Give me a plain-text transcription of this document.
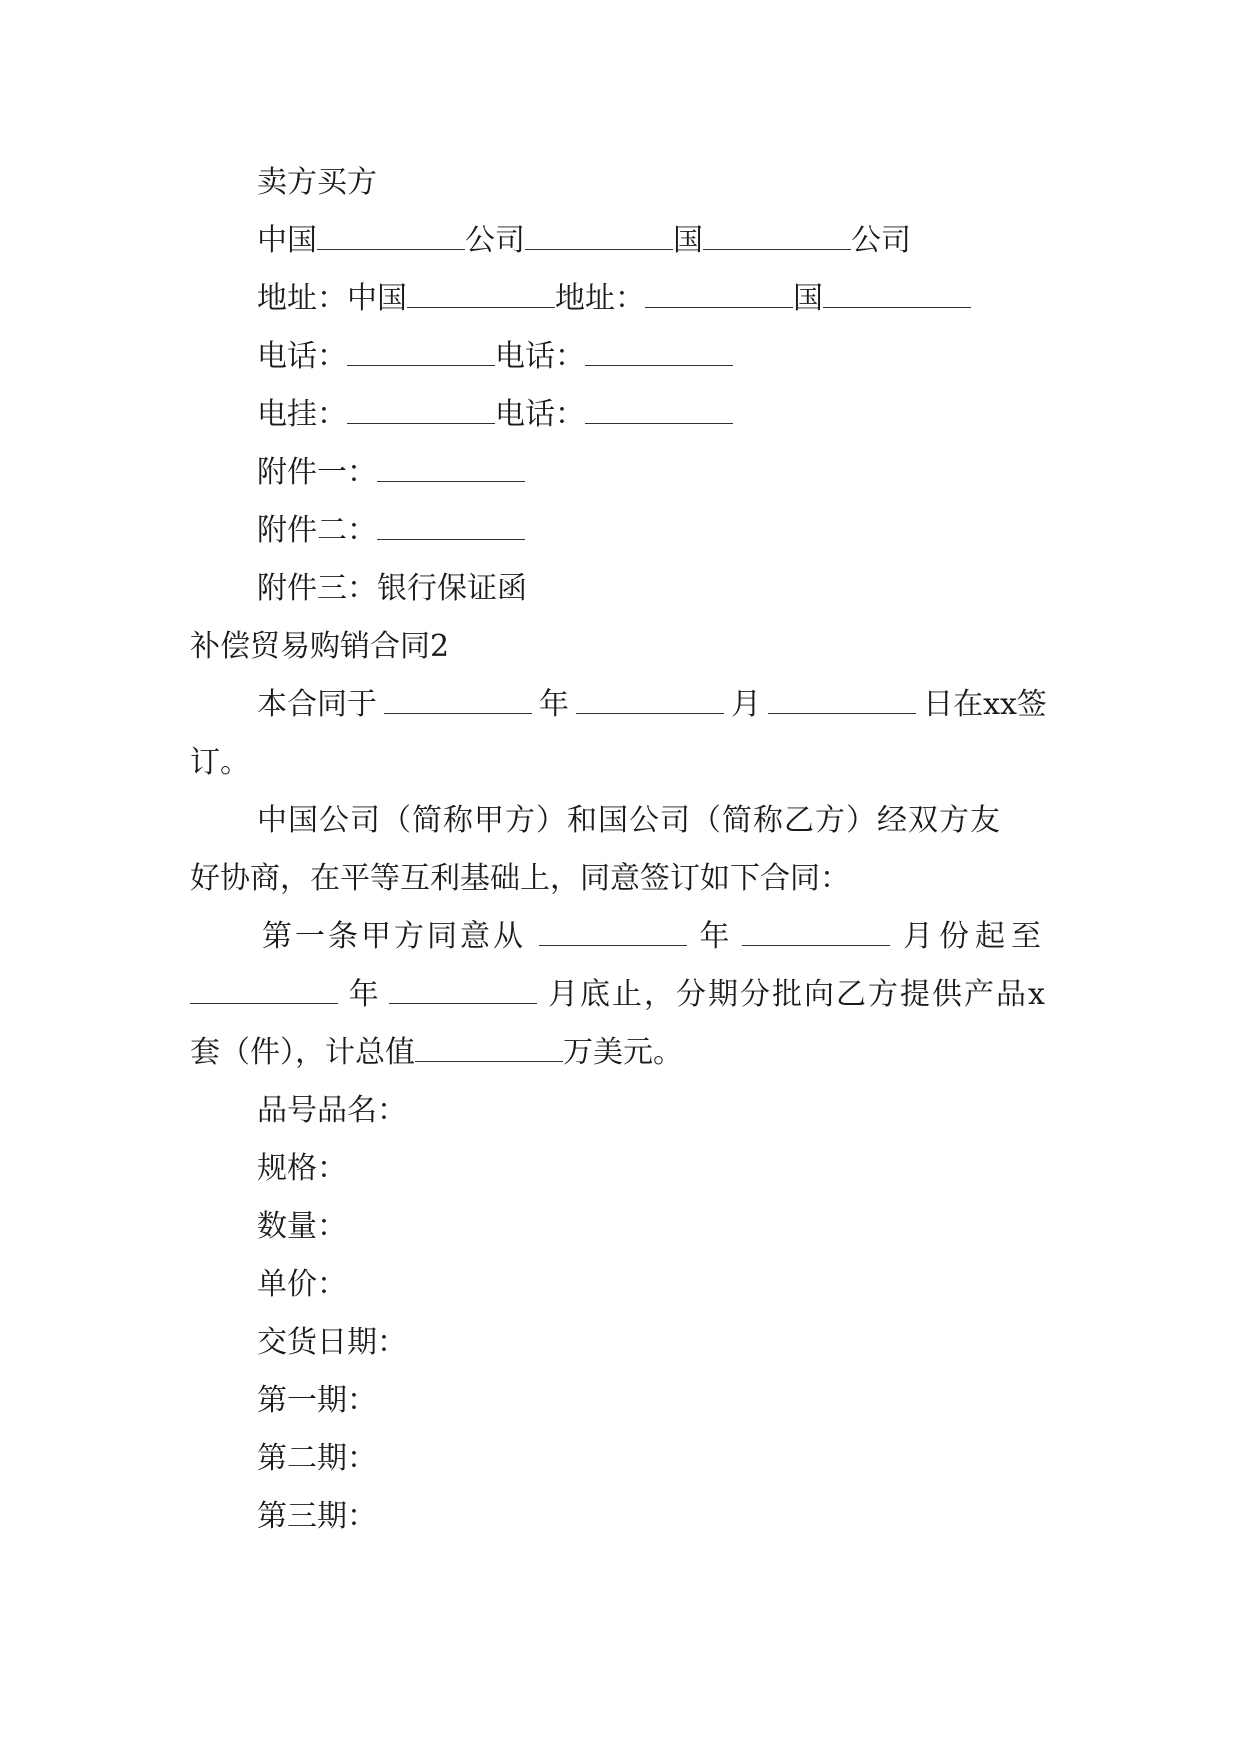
卖方买方
中国	公司	国	公司
地址：中国	地址：	国
电话：	电话：
电挂：	电话：
附件一：
附件二：
附件三：银行保证函
补偿贸易购销合同2
本合同于	年	月	日在xx签
订。
中国公司（简称甲方）和国公司（简称乙方）经双方友
好协商，在平等互利基础上，同意签订如下合同：
第一条甲方同意从	年	月份起至
年	月底止，分期分批向乙方提供产品x
套（件），计总值	万美元。
品号品名：
规格：
数量：
单价：
交货日期：
第一期：
第二期：
第三期：
